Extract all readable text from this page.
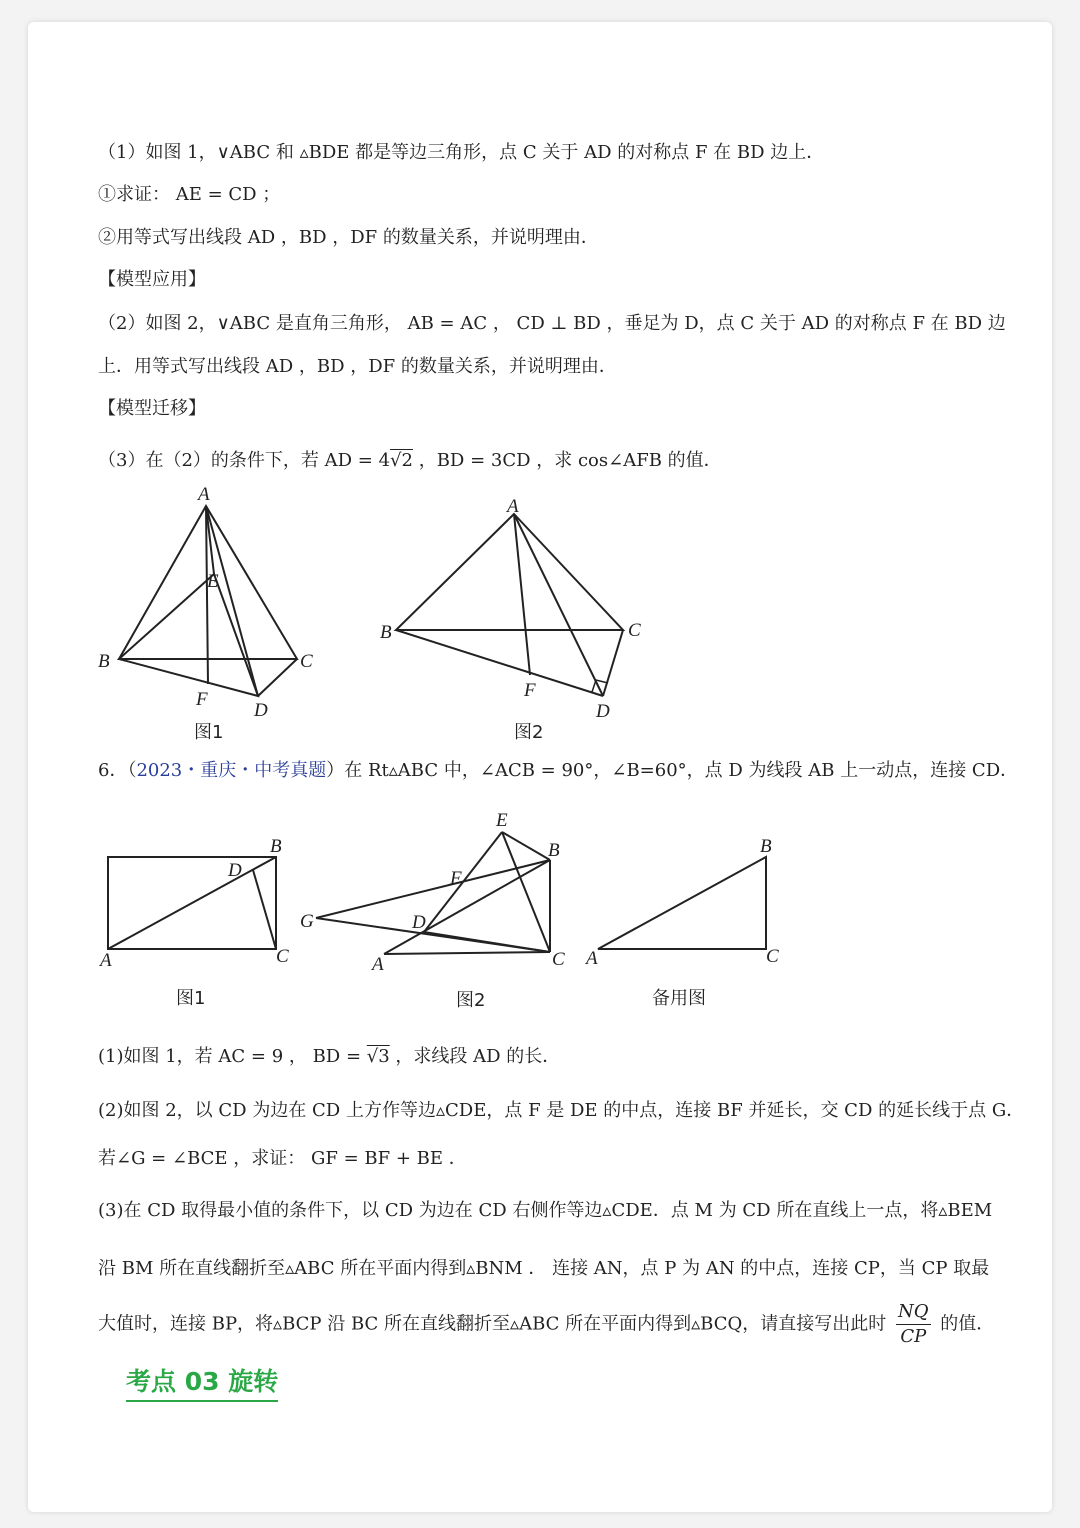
（1）如图 1，∨ABC 和 ▵BDE 都是等边三角形，点 C 关于 AD 的对称点 F 在 BD 边上．
①求证： AE = CD ；
②用等式写出线段 AD ，BD ，DF 的数量关系，并说明理由．
【模型应用】
（2）如图 2，∨ABC 是直角三角形， AB = AC ， CD ⊥ BD ，垂足为 D，点 C 关于 AD 的对称点 F 在 BD 边
上．用等式写出线段 AD ，BD ，DF 的数量关系，并说明理由．
【模型迁移】
（3）在（2）的条件下，若 AD = 4√2 ，BD = 3CD ，求 cos∠AFB 的值．
A
E
B	C
F
D
图1
A
B	C
F
D
图2
6．（2023・重庆・中考真题）在 Rt▵ABC 中，∠ACB = 90°，∠B=60°，点 D 为线段 AB 上一动点，连接 CD．
B
D
A	C
图1
E
B
F
G	D
A	C
图2
B
A	C
备用图
(1)如图 1，若 AC = 9 ， BD = √3 ，求线段 AD 的长．
(2)如图 2，以 CD 为边在 CD 上方作等边▵CDE，点 F 是 DE 的中点，连接 BF 并延长，交 CD 的延长线于点 G．
若∠G = ∠BCE ，求证： GF = BF + BE ．
(3)在 CD 取得最小值的条件下，以 CD 为边在 CD 右侧作等边▵CDE．点 M 为 CD 所在直线上一点，将▵BEM
沿 BM 所在直线翻折至▵ABC 所在平面内得到▵BNM ． 连接 AN，点 P 为 AN 的中点，连接 CP，当 CP 取最
大值时，连接 BP，将▵BCP 沿 BC 所在直线翻折至▵ABC 所在平面内得到▵BCQ，请直接写出此时 $\frac{NQ}{CP}$ 的值．
考点 03 旋转
